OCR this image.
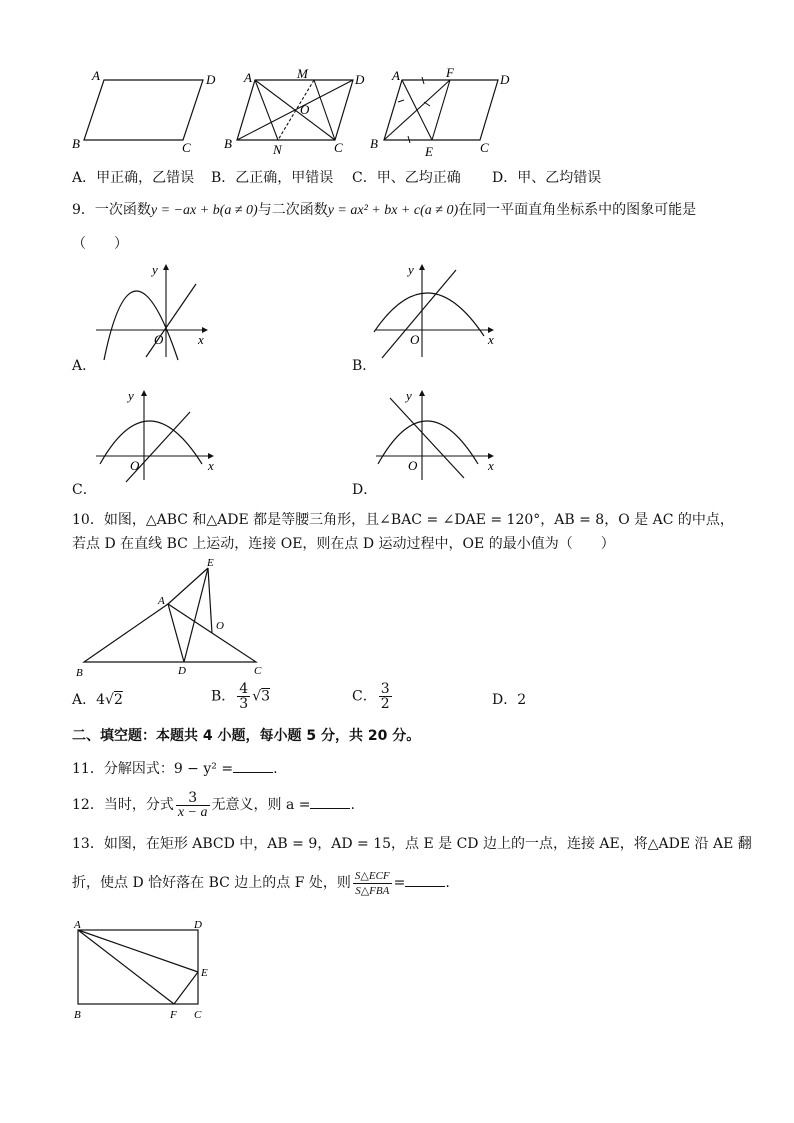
A	D
B	C
A	M	D
O
B	N	C
A	F	D
B
E	C
A．甲正确，乙错误 B．乙正确，甲错误 C．甲、乙均正确 D．甲、乙均错误
9．一次函数y = −ax + b(a ≠ 0)与二次函数y = ax² + bx + c(a ≠ 0)在同一平面直角坐标系中的图象可能是
（　　）
x
y
O
A．
x
y
O
B．
x
y
O
C．
x
y
O
D．
10．如图，△ABC 和△ADE 都是等腰三角形，且∠BAC = ∠DAE = 120°，AB = 8，O 是 AC 的中点，
若点 D 在直线 BC 上运动，连接 OE，则在点 D 运动过程中，OE 的最小值为（　　）
E
A
O
B	D	C
A．4√2	B． $\frac{4}{3} √3$	C． $\frac{3}{2}$	D．2
二、填空题：本题共 4 小题，每小题 5 分，共 20 分。
11．分解因式：9 − y² =	.
12．当时，分式 $\frac{3}{x - a}$ 无意义，则 a =	.
13．如图，在矩形 ABCD 中，AB = 9，AD = 15，点 E 是 CD 边上的一点，连接 AE，将△ADE 沿 AE 翻
折，使点 D 恰好落在 BC 边上的点 F 处，则 $\frac{\text{S△ECF}}{\text{S△FBA}}$ =	.
A	D
E
B	F C
